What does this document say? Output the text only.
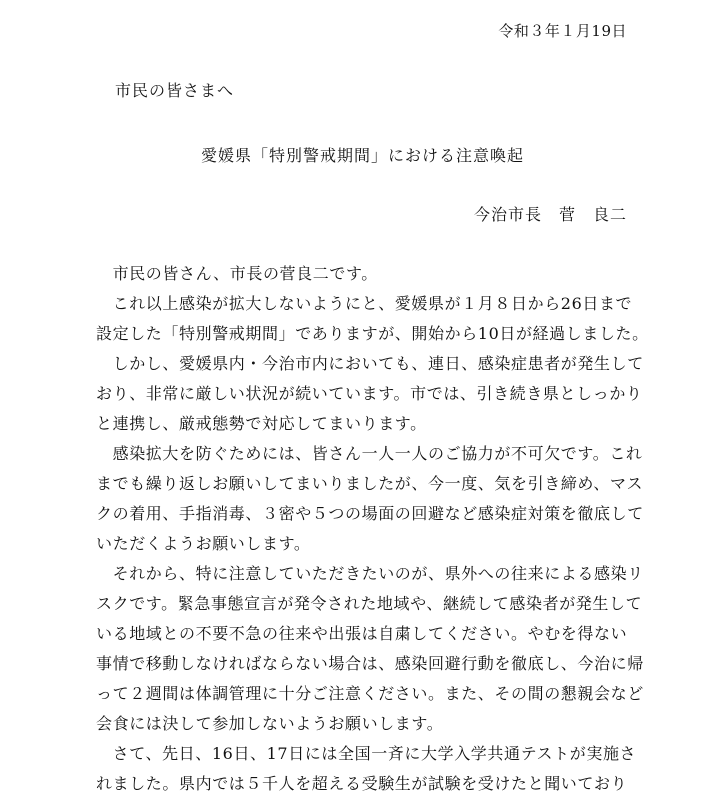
令和３年１月19日
市民の皆さまへ
愛媛県「特別警戒期間」における注意喚起
今治市長　菅　良二
　市民の皆さん、市長の菅良二です。
　これ以上感染が拡大しないようにと、愛媛県が１月８日から26日まで
設定した「特別警戒期間」でありますが、開始から10日が経過しました。
　しかし、愛媛県内・今治市内においても、連日、感染症患者が発生して
おり、非常に厳しい状況が続いています。市では、引き続き県としっかり
と連携し、厳戒態勢で対応してまいります。
　感染拡大を防ぐためには、皆さん一人一人のご協力が不可欠です。これ
までも繰り返しお願いしてまいりましたが、今一度、気を引き締め、マス
クの着用、手指消毒、３密や５つの場面の回避など感染症対策を徹底して
いただくようお願いします。
　それから、特に注意していただきたいのが、県外への往来による感染リ
スクです。緊急事態宣言が発令された地域や、継続して感染者が発生して
いる地域との不要不急の往来や出張は自粛してください。やむを得ない
事情で移動しなければならない場合は、感染回避行動を徹底し、今治に帰
って２週間は体調管理に十分ご注意ください。また、その間の懇親会など
会食には決して参加しないようお願いします。
　さて、先日、16日、17日には全国一斉に大学入学共通テストが実施さ
れました。県内では５千人を超える受験生が試験を受けたと聞いており
